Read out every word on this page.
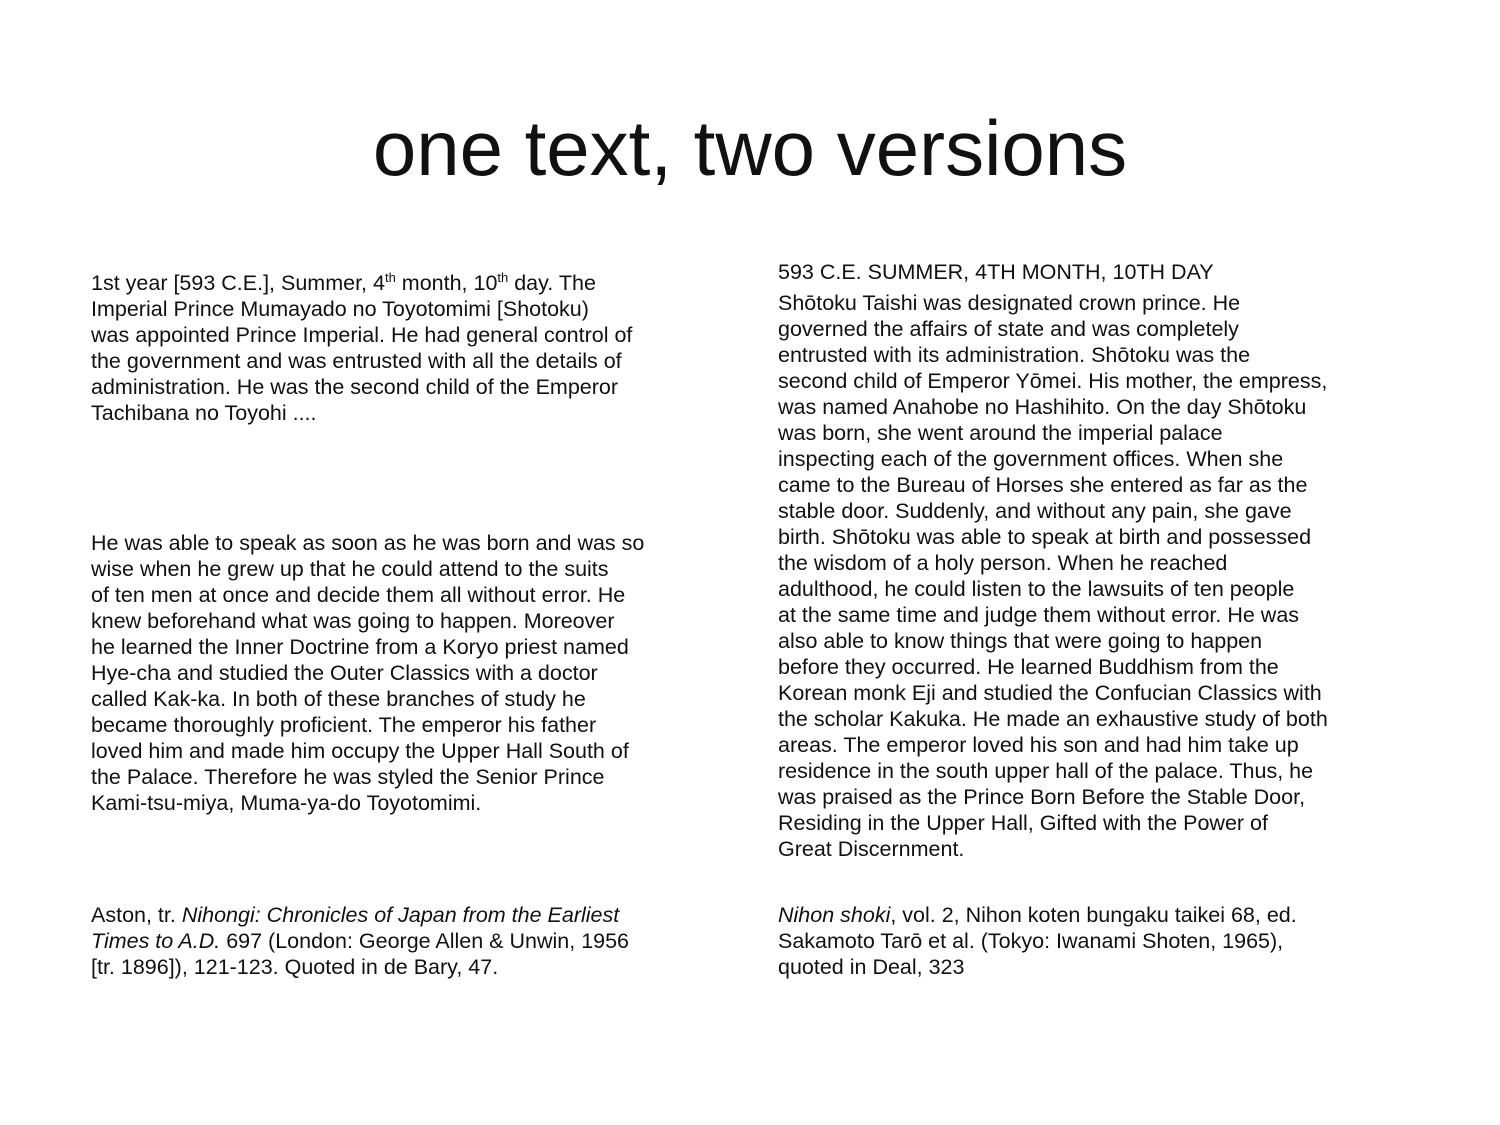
one text, two versions

1st year [593 C.E.], Summer, 4th month, 10th day. The
Imperial Prince Mumayado no Toyotomimi [Shotoku)
was appointed Prince Imperial. He had general control of
the government and was entrusted with all the details of
administration. He was the second child of the Emperor
Tachibana no Toyohi ....

He was able to speak as soon as he was born and was so
wise when he grew up that he could attend to the suits
of ten men at once and decide them all without error. He
knew beforehand what was going to happen. Moreover
he learned the Inner Doctrine from a Koryo priest named
Hye-cha and studied the Outer Classics with a doctor
called Kak-ka. In both of these branches of study he
became thoroughly proficient. The emperor his father
loved him and made him occupy the Upper Hall South of
the Palace. Therefore he was styled the Senior Prince
Kami-tsu-miya, Muma-ya-do Toyotomimi.

Aston, tr. Nihongi: Chronicles of Japan from the Earliest
Times to A.D. 697 (London: George Allen & Unwin, 1956
[tr. 1896]), 121-123. Quoted in de Bary, 47.

593 C.E. SUMMER, 4TH MONTH, 10TH DAY

Shōtoku Taishi was designated crown prince. He
governed the affairs of state and was completely
entrusted with its administration. Shōtoku was the
second child of Emperor Yōmei. His mother, the empress,
was named Anahobe no Hashihito. On the day Shōtoku
was born, she went around the imperial palace
inspecting each of the government offices. When she
came to the Bureau of Horses she entered as far as the
stable door. Suddenly, and without any pain, she gave
birth. Shōtoku was able to speak at birth and possessed
the wisdom of a holy person. When he reached
adulthood, he could listen to the lawsuits of ten people
at the same time and judge them without error. He was
also able to know things that were going to happen
before they occurred. He learned Buddhism from the
Korean monk Eji and studied the Confucian Classics with
the scholar Kakuka. He made an exhaustive study of both
areas. The emperor loved his son and had him take up
residence in the south upper hall of the palace. Thus, he
was praised as the Prince Born Before the Stable Door,
Residing in the Upper Hall, Gifted with the Power of
Great Discernment.

Nihon shoki, vol. 2, Nihon koten bungaku taikei 68, ed.
Sakamoto Tarō et al. (Tokyo: Iwanami Shoten, 1965),
quoted in Deal, 323
